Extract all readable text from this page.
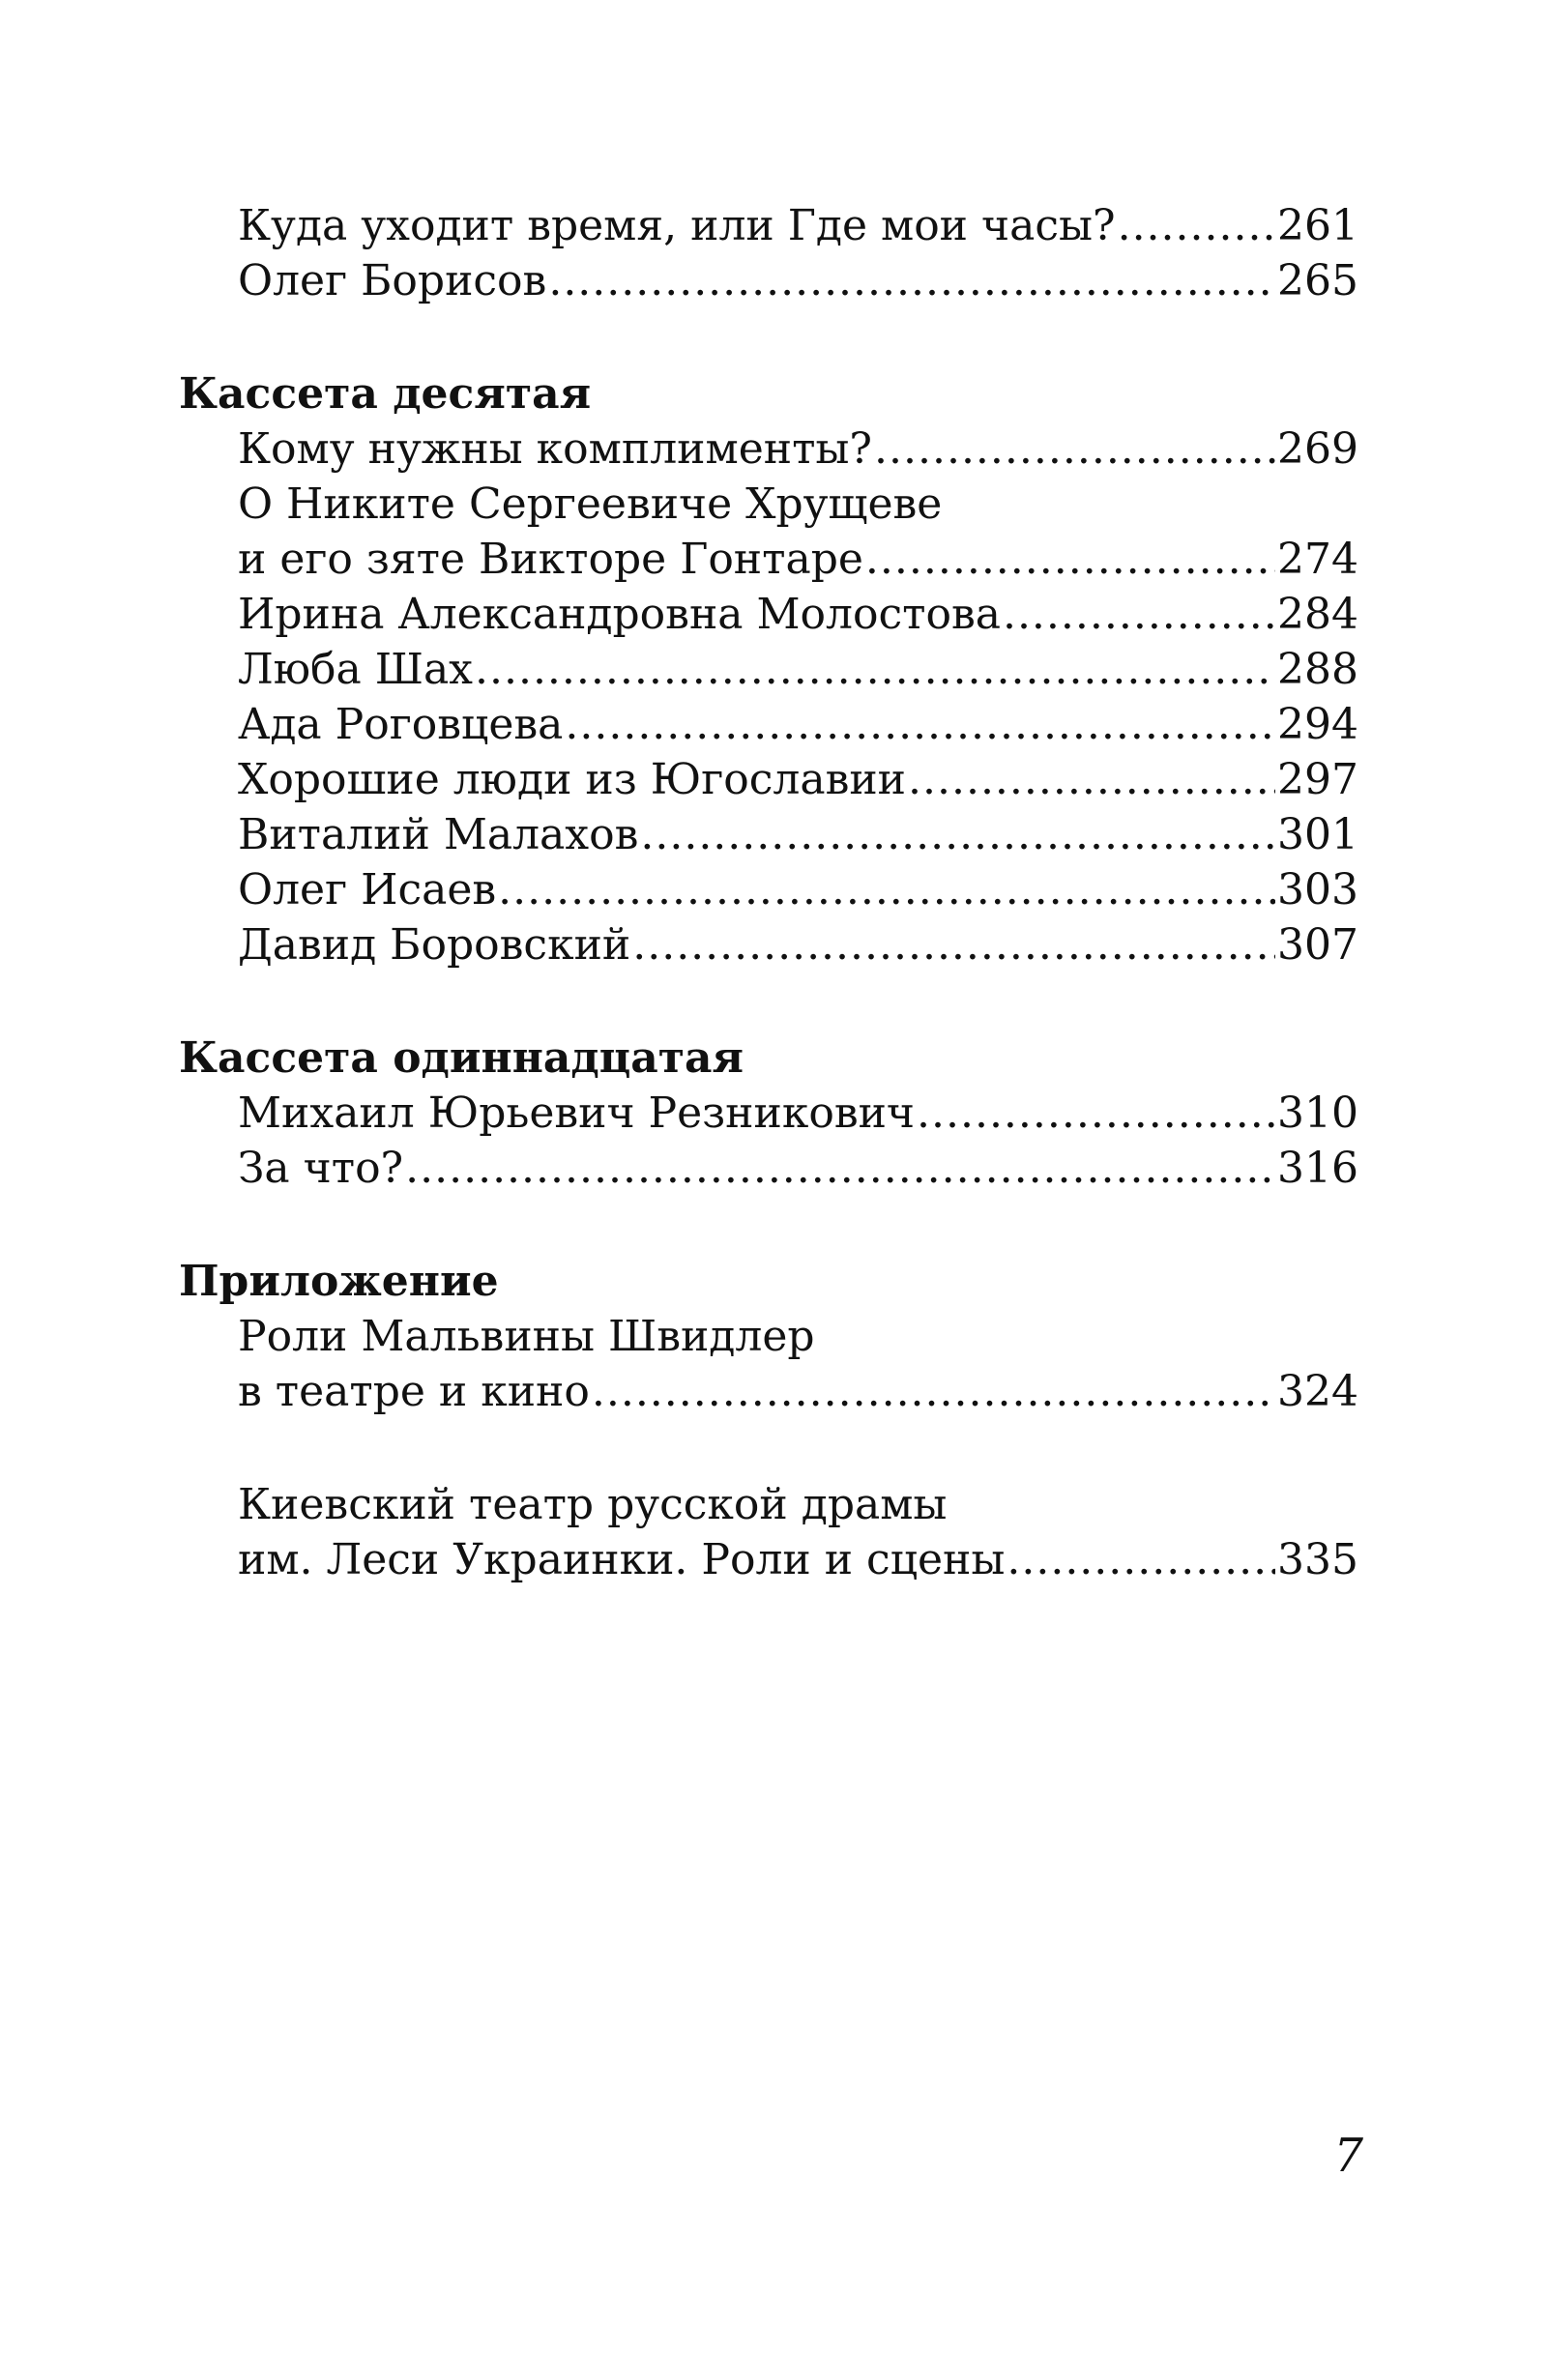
Куда уходит время, или Где мои часы? .....	261
Олег Борисов .....	265
Кассета десятая
Кому нужны комплименты? .....	269
О Никите Сергеевиче Хрущеве
и его зяте Викторе Гонтаре .....	274
Ирина Александровна Молостова .....	284
Люба Шах .....	288
Ада Роговцева .....	294
Хорошие люди из Югославии .....	297
Виталий Малахов .....	301
Олег Исаев .....	303
Давид Боровский .....	307
Кассета одиннадцатая
Михаил Юрьевич Резникович .....	310
За что? .....	316
Приложение
Роли Мальвины Швидлер
в театре и кино .....	324
Киевский театр русской драмы
им. Леси Украинки. Роли и сцены .....	335
7
